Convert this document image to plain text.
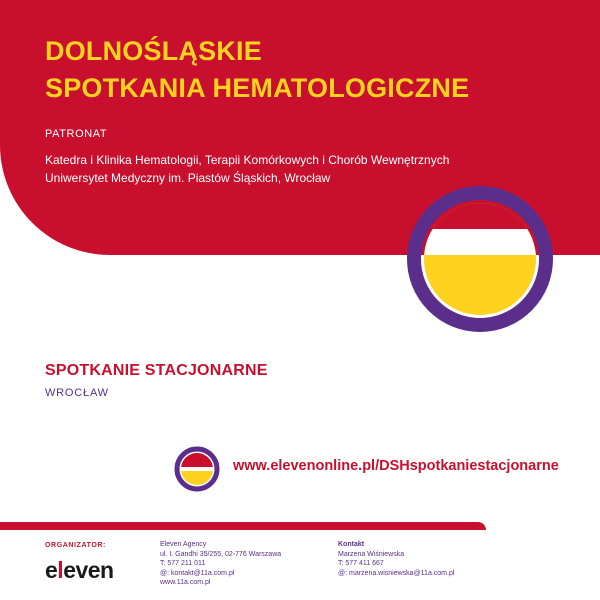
DOLNOŚLĄSKIE
SPOTKANIA HEMATOLOGICZNE
PATRONAT
Katedra i Klinika Hematologii, Terapii Komórkowych i Chorób Wewnętrznych
Uniwersytet Medyczny im. Piastów Śląskich, Wrocław
SPOTKANIE STACJONARNE
WROCŁAW
www.elevenonline.pl/DSHspotkaniestacjonarne
ORGANIZATOR:
eleven
Eleven Agency
ul. I. Gandhi 35/255, 02-776 Warszawa
T: 577 211 011
@: kontakt@11a.com.pl
www.11a.com.pl
Kontakt
Marzena Wiśniewska
T: 577 411 667
@: marzena.wisniewska@11a.com.pl
